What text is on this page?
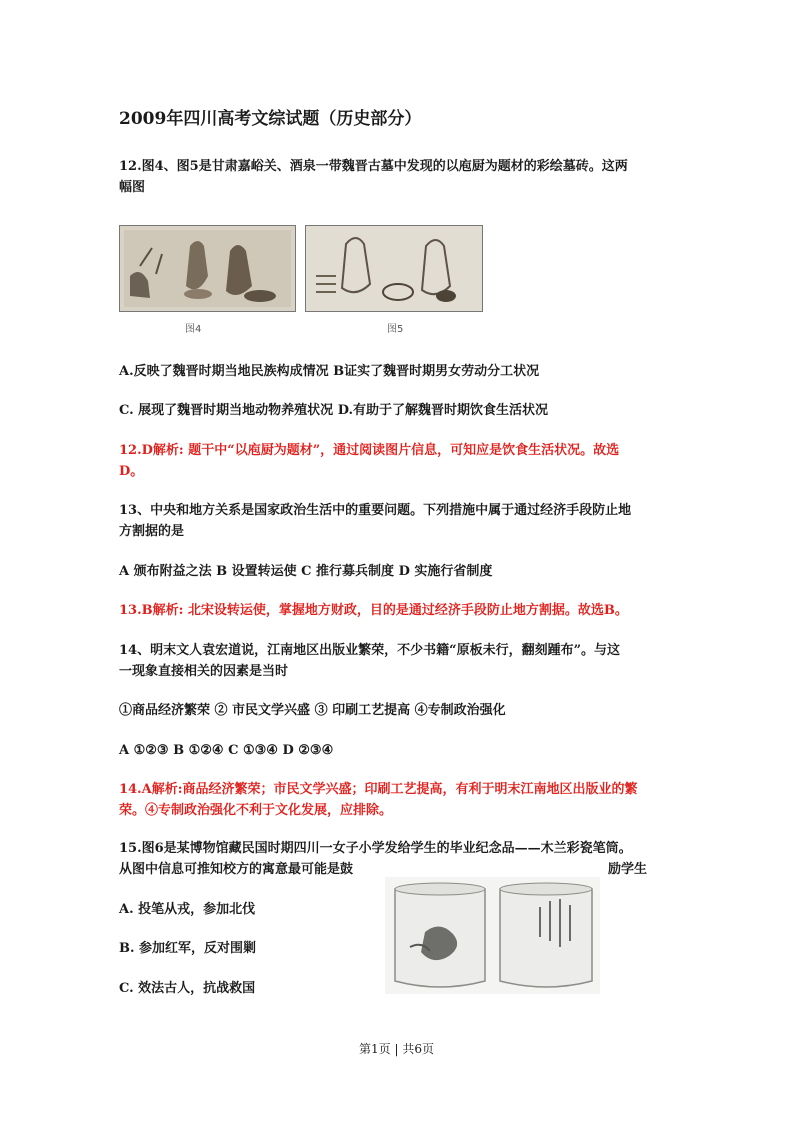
2009年四川高考文综试题（历史部分）
12.图4、图5是甘肃嘉峪关、酒泉一带魏晋古墓中发现的以庖厨为题材的彩绘墓砖。这两
幅图
图4	图5
A.反映了魏晋时期当地民族构成情况 B证实了魏晋时期男女劳动分工状况
C. 展现了魏晋时期当地动物养殖状况 D.有助于了解魏晋时期饮食生活状况
12.D解析: 题干中“以庖厨为题材”，通过阅读图片信息，可知应是饮食生活状况。故选
D。
13、中央和地方关系是国家政治生活中的重要问题。下列措施中属于通过经济手段防止地
方割据的是
A 颁布附益之法 B 设置转运使 C 推行募兵制度 D 实施行省制度
13.B解析: 北宋设转运使，掌握地方财政，目的是通过经济手段防止地方割据。故选B。
14、明末文人袁宏道说，江南地区出版业繁荣，不少书籍“原板未行，翻刻踵布”。与这
一现象直接相关的因素是当时
①商品经济繁荣 ② 市民文学兴盛 ③ 印刷工艺提高 ④专制政治强化
A ①②③ B ①②④ C ①③④ D ②③④
14.A解析:商品经济繁荣；市民文学兴盛；印刷工艺提高，有利于明末江南地区出版业的繁
荣。④专制政治强化不利于文化发展，应排除。
15.图6是某博物馆藏民国时期四川一女子小学发给学生的毕业纪念品——木兰彩瓷笔筒。
从图中信息可推知校方的寓意最可能是鼓	励学生
A. 投笔从戎，参加北伐
B. 参加红军，反对围剿
C. 效法古人，抗战救国
第1页 | 共6页
